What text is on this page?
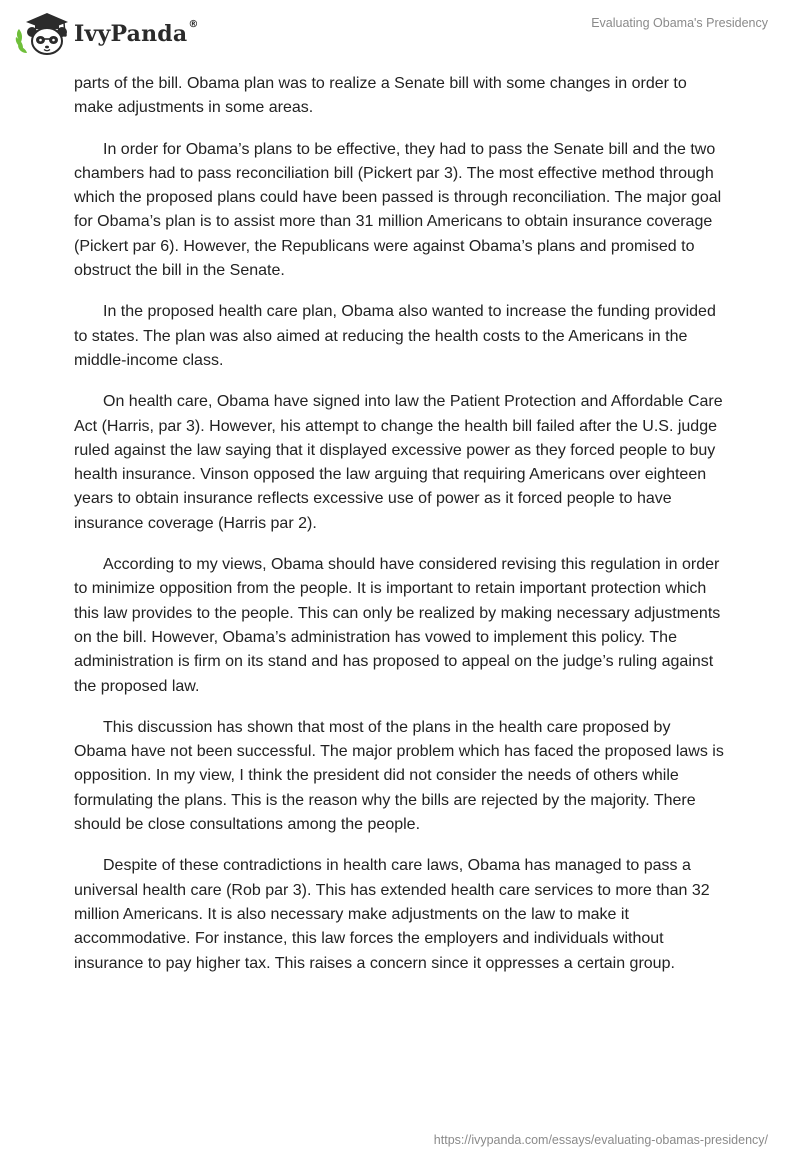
IvyPanda ®	Evaluating Obama's Presidency

parts of the bill. Obama plan was to realize a Senate bill with some changes in order to make adjustments in some areas.

In order for Obama’s plans to be effective, they had to pass the Senate bill and the two chambers had to pass reconciliation bill (Pickert par 3). The most effective method through which the proposed plans could have been passed is through reconciliation. The major goal for Obama’s plan is to assist more than 31 million Americans to obtain insurance coverage (Pickert par 6). However, the Republicans were against Obama’s plans and promised to obstruct the bill in the Senate.

In the proposed health care plan, Obama also wanted to increase the funding provided to states. The plan was also aimed at reducing the health costs to the Americans in the middle-income class.

On health care, Obama have signed into law the Patient Protection and Affordable Care Act (Harris, par 3). However, his attempt to change the health bill failed after the U.S. judge ruled against the law saying that it displayed excessive power as they forced people to buy health insurance. Vinson opposed the law arguing that requiring Americans over eighteen years to obtain insurance reflects excessive use of power as it forced people to have insurance coverage (Harris par 2).

According to my views, Obama should have considered revising this regulation in order to minimize opposition from the people. It is important to retain important protection which this law provides to the people. This can only be realized by making necessary adjustments on the bill. However, Obama’s administration has vowed to implement this policy. The administration is firm on its stand and has proposed to appeal on the judge’s ruling against the proposed law.

This discussion has shown that most of the plans in the health care proposed by Obama have not been successful. The major problem which has faced the proposed laws is opposition. In my view, I think the president did not consider the needs of others while formulating the plans. This is the reason why the bills are rejected by the majority. There should be close consultations among the people.

Despite of these contradictions in health care laws, Obama has managed to pass a universal health care (Rob par 3). This has extended health care services to more than 32 million Americans. It is also necessary make adjustments on the law to make it accommodative. For instance, this law forces the employers and individuals without insurance to pay higher tax. This raises a concern since it oppresses a certain group.

https://ivypanda.com/essays/evaluating-obamas-presidency/
